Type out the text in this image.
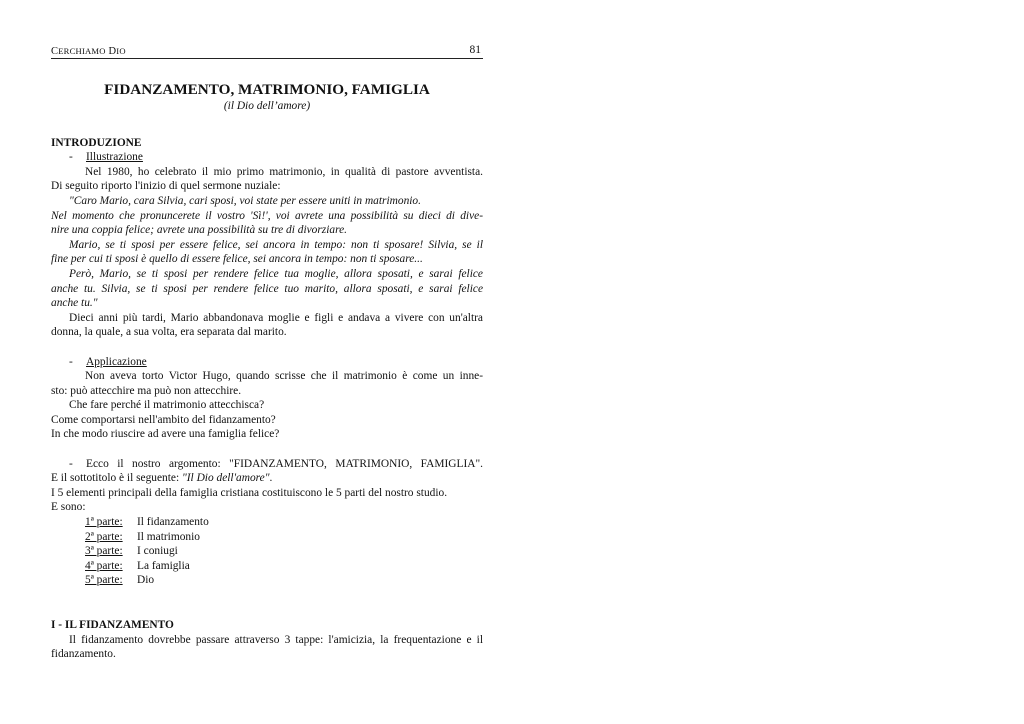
CERCHIAMO DIO	81
FIDANZAMENTO, MATRIMONIO, FAMIGLIA
(il Dio dell’amore)

INTRODUZIONE

- Illustrazione

Nel 1980, ho celebrato il mio primo matrimonio, in qualità di pastore avventista.

Di seguito riporto l'inizio di quel sermone nuziale:

"Caro Mario, cara Silvia, cari sposi, voi state per essere uniti in matrimonio.

Nel momento che pronuncerete il vostro 'Sì!', voi avrete una possibilità su dieci di dive-

nire una coppia felice; avrete una possibilità su tre di divorziare.

Mario, se ti sposi per essere felice, sei ancora in tempo: non ti sposare! Silvia, se il

fine per cui ti sposi è quello di essere felice, sei ancora in tempo: non ti sposare...

Però, Mario, se ti sposi per rendere felice tua moglie, allora sposati, e sarai felice

anche tu. Silvia, se ti sposi per rendere felice tuo marito, allora sposati, e sarai felice

anche tu."

Dieci anni più tardi, Mario abbandonava moglie e figli e andava a vivere con un'altra

donna, la quale, a sua volta, era separata dal marito.

- Applicazione

Non aveva torto Victor Hugo, quando scrisse che il matrimonio è come un inne-

sto: può attecchire ma può non attecchire.

Che fare perché il matrimonio attecchisca?

Come comportarsi nell'ambito del fidanzamento?

In che modo riuscire ad avere una famiglia felice?

- Ecco il nostro argomento: "FIDANZAMENTO, MATRIMONIO, FAMIGLIA".

E il sottotitolo è il seguente: "Il Dio dell'amore".

I 5 elementi principali della famiglia cristiana costituiscono le 5 parti del nostro studio.

E sono:

1ª parte:	Il fidanzamento
2ª parte:	Il matrimonio
3ª parte:	I coniugi
4ª parte:	La famiglia
5ª parte:	Dio

I - IL FIDANZAMENTO

Il fidanzamento dovrebbe passare attraverso 3 tappe: l'amicizia, la frequentazione e il

fidanzamento.
